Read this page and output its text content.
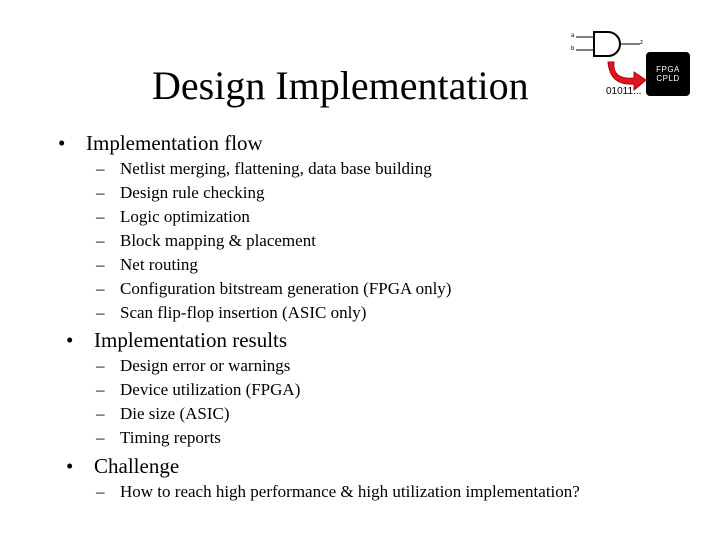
Design Implementation
a
b
z
01011...
FPGA
CPLD
• Implementation flow
– Netlist merging, flattening, data base building
– Design rule checking
– Logic optimization
– Block mapping & placement
– Net routing
– Configuration bitstream generation (FPGA only)
– Scan flip-flop insertion (ASIC only)
• Implementation results
– Design error or warnings
– Device utilization (FPGA)
– Die size (ASIC)
– Timing reports
• Challenge
– How to reach high performance & high utilization implementation?
